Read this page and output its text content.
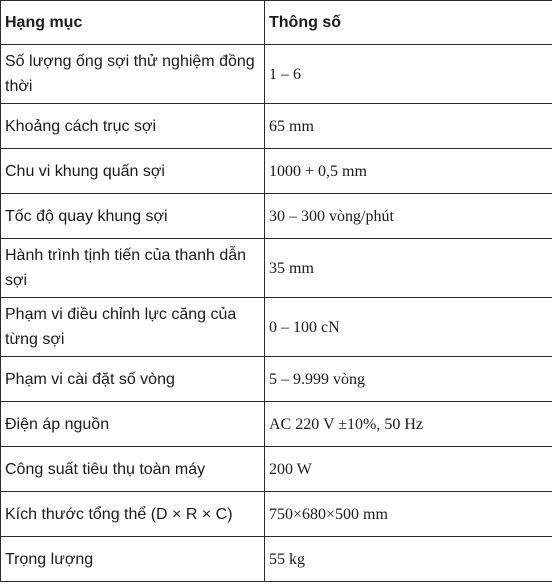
Hạng mục	Thông số
Số lượng ống sợi thử nghiệm đồng thời	1 – 6
Khoảng cách trục sợi	65 mm
Chu vi khung quấn sợi	1000 + 0,5 mm
Tốc độ quay khung sợi	30 – 300 vòng/phút
Hành trình tịnh tiến của thanh dẫn sợi	35 mm
Phạm vi điều chỉnh lực căng của từng sợi	0 – 100 cN
Phạm vi cài đặt số vòng	5 – 9.999 vòng
Điện áp nguồn	AC 220 V ±10%, 50 Hz
Công suất tiêu thụ toàn máy	200 W
Kích thước tổng thể (D × R × C)	750×680×500 mm
Trọng lượng	55 kg
